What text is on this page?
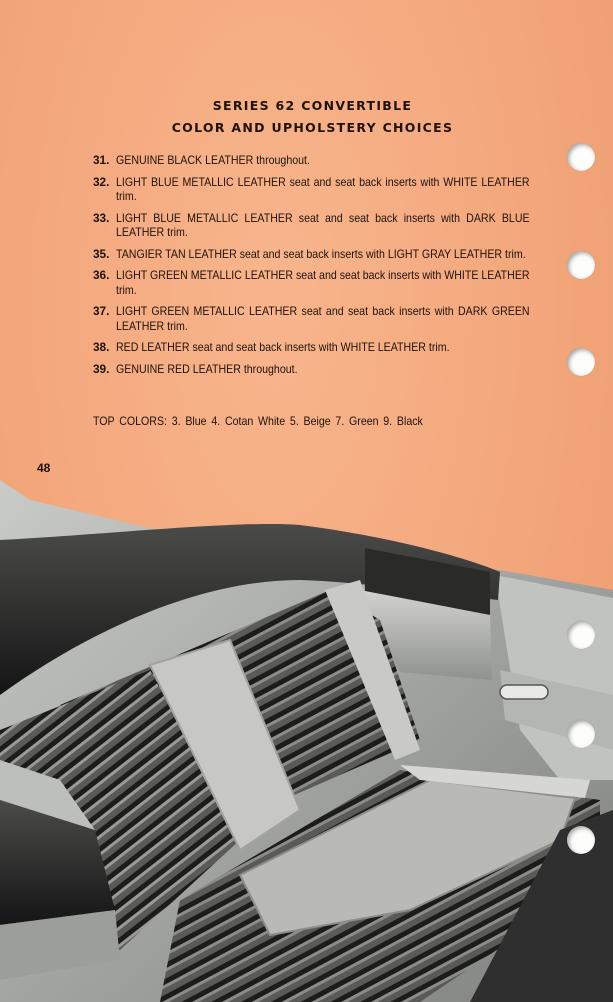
SERIES 62 CONVERTIBLE
COLOR AND UPHOLSTERY CHOICES
31. GENUINE BLACK LEATHER throughout.
32. LIGHT BLUE METALLIC LEATHER seat and seat back inserts with WHITE LEATHER trim.
33. LIGHT BLUE METALLIC LEATHER seat and seat back inserts with DARK BLUE LEATHER trim.
35. TANGIER TAN LEATHER seat and seat back inserts with LIGHT GRAY LEATHER trim.
36. LIGHT GREEN METALLIC LEATHER seat and seat back inserts with WHITE LEATHER trim.
37. LIGHT GREEN METALLIC LEATHER seat and seat back inserts with DARK GREEN LEATHER trim.
38. RED LEATHER seat and seat back inserts with WHITE LEATHER trim.
39. GENUINE RED LEATHER throughout.
TOP COLORS: 3. Blue 4. Cotan White 5. Beige 7. Green 9. Black
48
